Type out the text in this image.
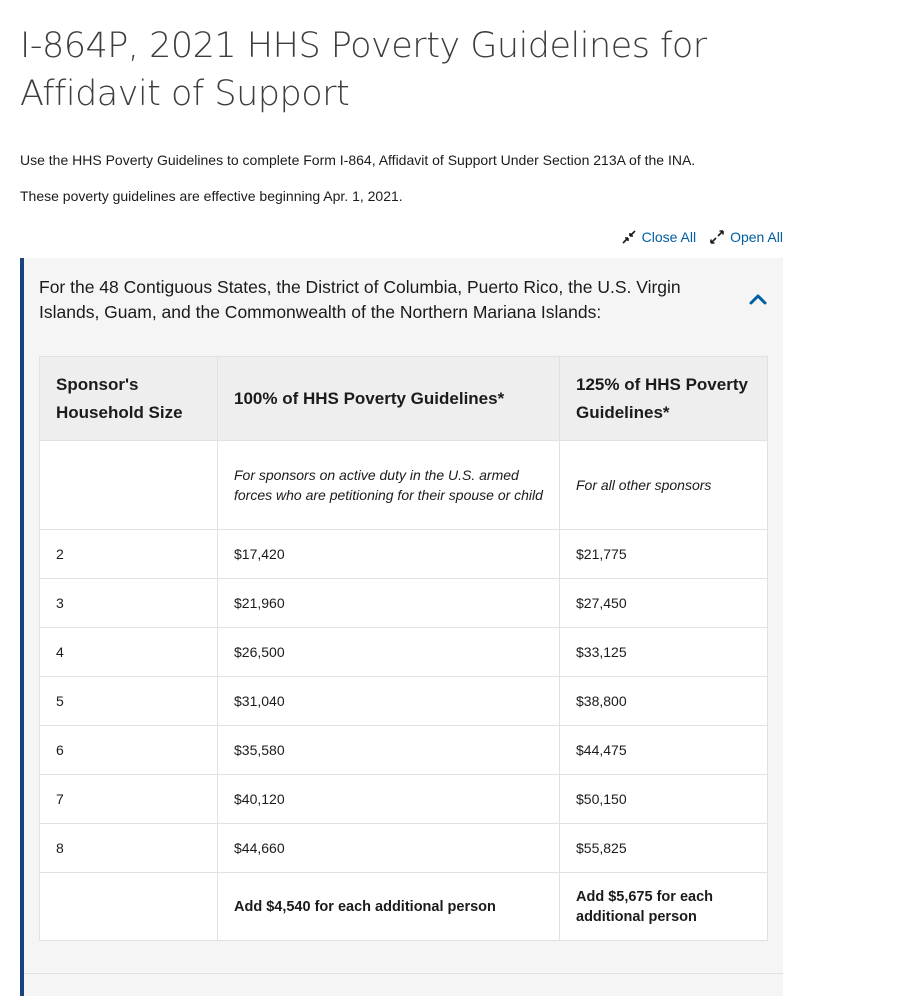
I-864P, 2021 HHS Poverty Guidelines for Affidavit of Support

Use the HHS Poverty Guidelines to complete Form I-864, Affidavit of Support Under Section 213A of the INA.

These poverty guidelines are effective beginning Apr. 1, 2021.

Close All Open All

For the 48 Contiguous States, the District of Columbia, Puerto Rico, the U.S. Virgin Islands, Guam, and the Commonwealth of the Northern Mariana Islands:

Sponsor's Household Size	100% of HHS Poverty Guidelines*	125% of HHS Poverty Guidelines*
	For sponsors on active duty in the U.S. armed forces who are petitioning for their spouse or child	For all other sponsors
2	$17,420	$21,775
3	$21,960	$27,450
4	$26,500	$33,125
5	$31,040	$38,800
6	$35,580	$44,475
7	$40,120	$50,150
8	$44,660	$55,825
	Add $4,540 for each additional person	Add $5,675 for each additional person
